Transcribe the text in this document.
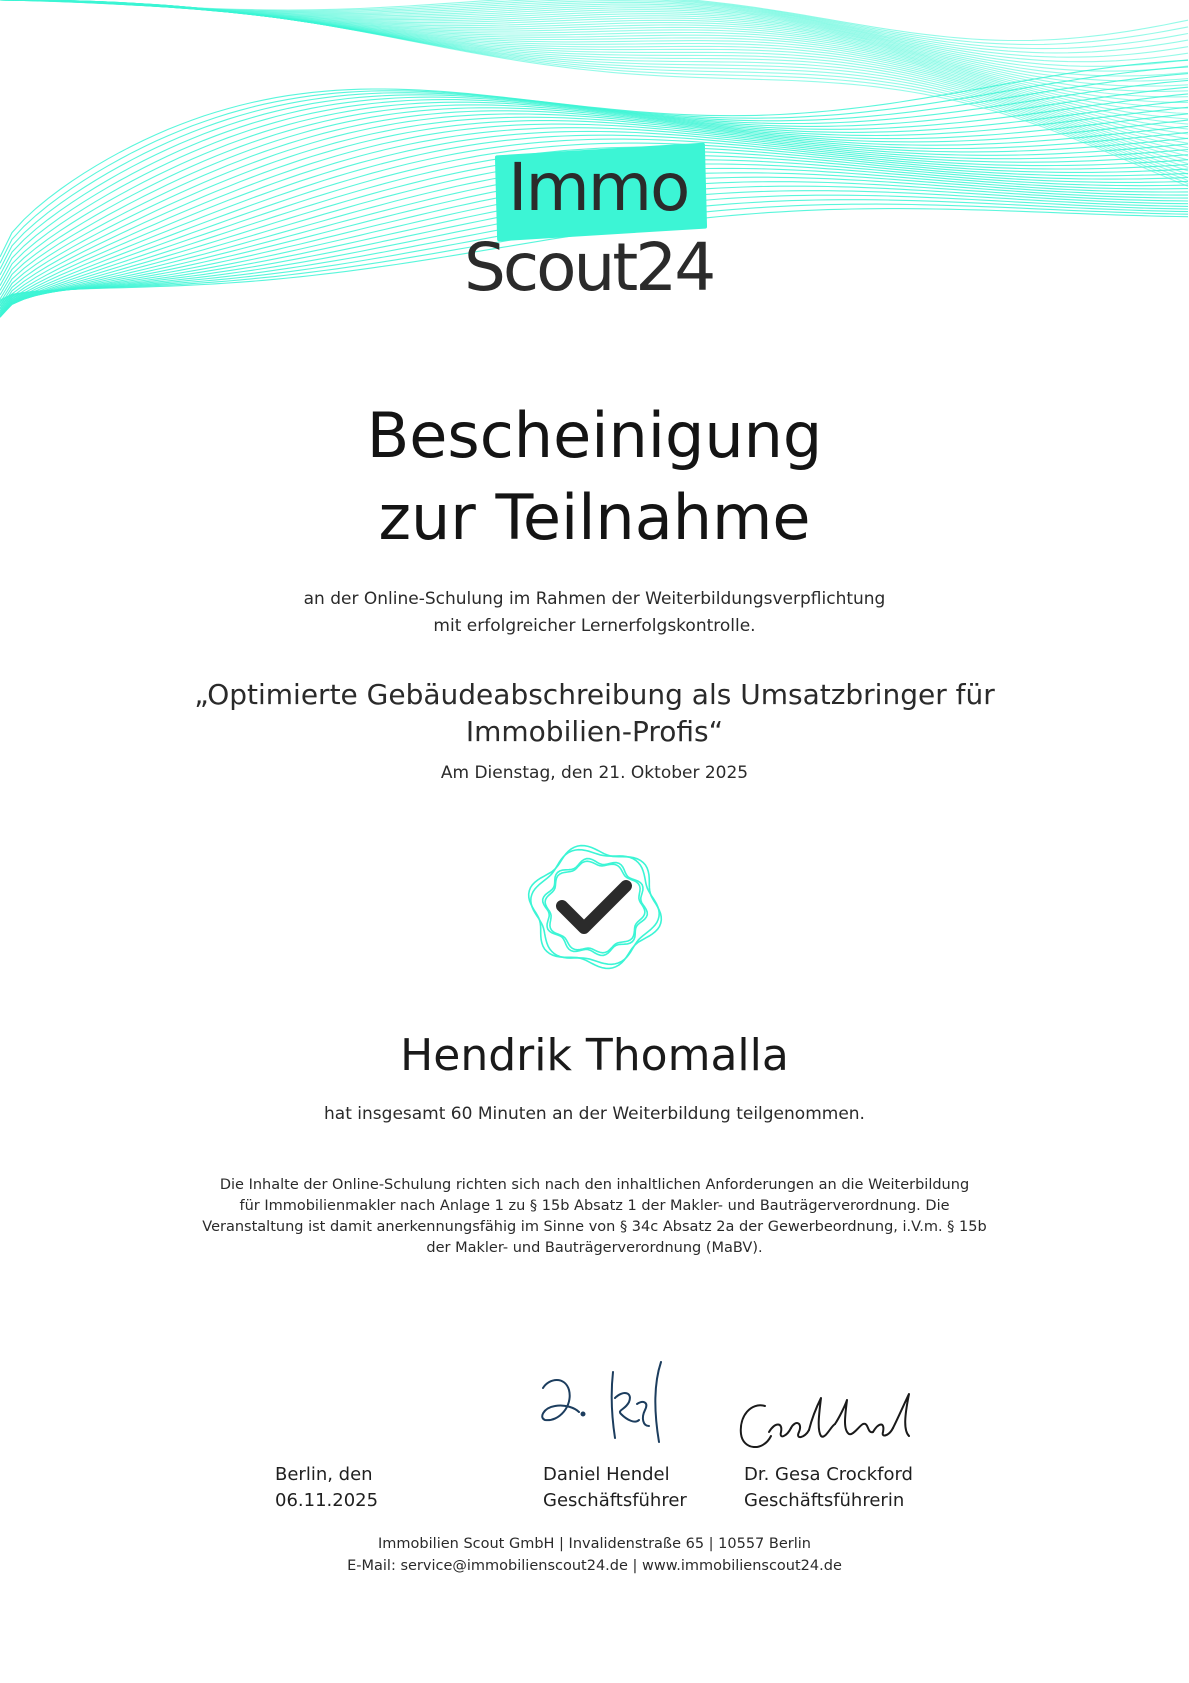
Immo
Scout24
Bescheinigung
zur Teilnahme
an der Online-Schulung im Rahmen der Weiterbildungsverpflichtung
mit erfolgreicher Lernerfolgskontrolle.
„Optimierte Gebäudeabschreibung als Umsatzbringer für
Immobilien-Profis“
Am Dienstag, den 21. Oktober 2025
Hendrik Thomalla
hat insgesamt 60 Minuten an der Weiterbildung teilgenommen.
Die Inhalte der Online-Schulung richten sich nach den inhaltlichen Anforderungen an die Weiterbildung
für Immobilienmakler nach Anlage 1 zu § 15b Absatz 1 der Makler- und Bauträgerverordnung. Die
Veranstaltung ist damit anerkennungsfähig im Sinne von § 34c Absatz 2a der Gewerbeordnung, i.V.m. § 15b
der Makler- und Bauträgerverordnung (MaBV).
Berlin, den
06.11.2025
Daniel Hendel
Geschäftsführer
Dr. Gesa Crockford
Geschäftsführerin
Immobilien Scout GmbH | Invalidenstraße 65 | 10557 Berlin
E-Mail: service@immobilienscout24.de | www.immobilienscout24.de
